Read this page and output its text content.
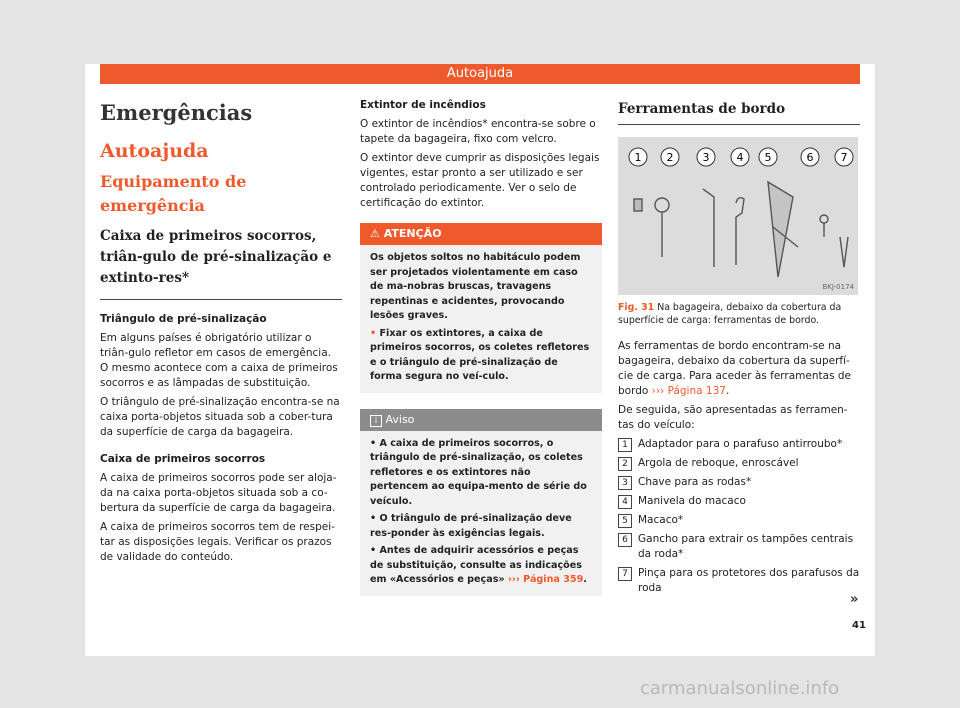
Autoajuda
Emergências
Autoajuda
Equipamento de emergência
Caixa de primeiros socorros, triân-gulo de pré-sinalização e extinto-res*

Triângulo de pré-sinalização

Em alguns países é obrigatório utilizar o triân-gulo refletor em casos de emergência. O mesmo acontece com a caixa de primeiros socorros e as lâmpadas de substituição.

O triângulo de pré-sinalização encontra-se na caixa porta-objetos situada sob a cober-tura da superfície de carga da bagageira.

Caixa de primeiros socorros

A caixa de primeiros socorros pode ser aloja-da na caixa porta-objetos situada sob a co-bertura da superfície de carga da bagageira.

A caixa de primeiros socorros tem de respei-tar as disposições legais. Verificar os prazos de validade do conteúdo.

Extintor de incêndios

O extintor de incêndios* encontra-se sobre o tapete da bagageira, fixo com velcro.

O extintor deve cumprir as disposições legais vigentes, estar pronto a ser utilizado e ser controlado periodicamente. Ver o selo de certificação do extintor.

⚠ ATENÇÃO
Os objetos soltos no habitáculo podem ser projetados violentamente em caso de ma-nobras bruscas, travagens repentinas e acidentes, provocando lesões graves.
• Fixar os extintores, a caixa de primeiros socorros, os coletes refletores e o triângulo de pré-sinalização de forma segura no veí-culo.
i Aviso
• A caixa de primeiros socorros, o triângulo de pré-sinalização, os coletes refletores e os extintores não pertencem ao equipa-mento de série do veículo.
• O triângulo de pré-sinalização deve res-ponder às exigências legais.
• Antes de adquirir acessórios e peças de substituição, consulte as indicações em «Acessórios e peças» ››› Página 359.
Ferramentas de bordo
1 2	3 4 5	6 7
BKJ-0174
Fig. 31 Na bagageira, debaixo da cobertura da superfície de carga: ferramentas de bordo.

As ferramentas de bordo encontram-se na bagageira, debaixo da cobertura da superfí-cie de carga. Para aceder às ferramentas de bordo ››› Página 137.

De seguida, são apresentadas as ferramen-tas do veículo:

1 Adaptador para o parafuso antirroubo*
2 Argola de reboque, enroscável
3 Chave para as rodas*
4 Manivela do macaco
5 Macaco*
6 Gancho para extrair os tampões centrais da roda*
7 Pinça para os protetores dos parafusos da roda
»
41
carmanualsonline.info
